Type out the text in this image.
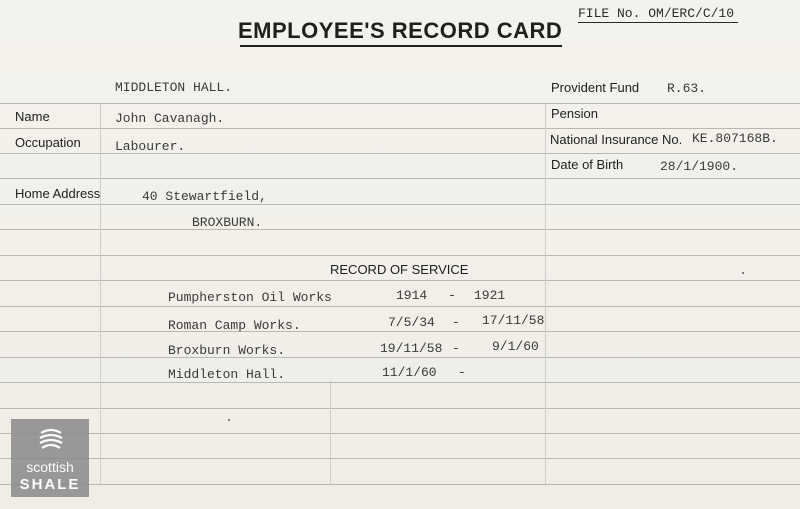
EMPLOYEE'S RECORD CARD
FILE No. OM/ERC/C/10
MIDDLETON HALL.
Name	John Cavanagh.
Occupation	Labourer.
Home Address	40 Stewartfield,
BROXBURN.
Provident Fund R.63.
Pension
National Insurance No. KE.807168B.
Date of Birth	28/1/1900.
RECORD OF SERVICE
Pumpherston Oil Works	1914 - 1921
Roman Camp Works.	7/5/34 - 17/11/58
Broxburn Works.	19/11/58 - 9/1/60
Middleton Hall.	11/1/60 -
scottish
SHALE
